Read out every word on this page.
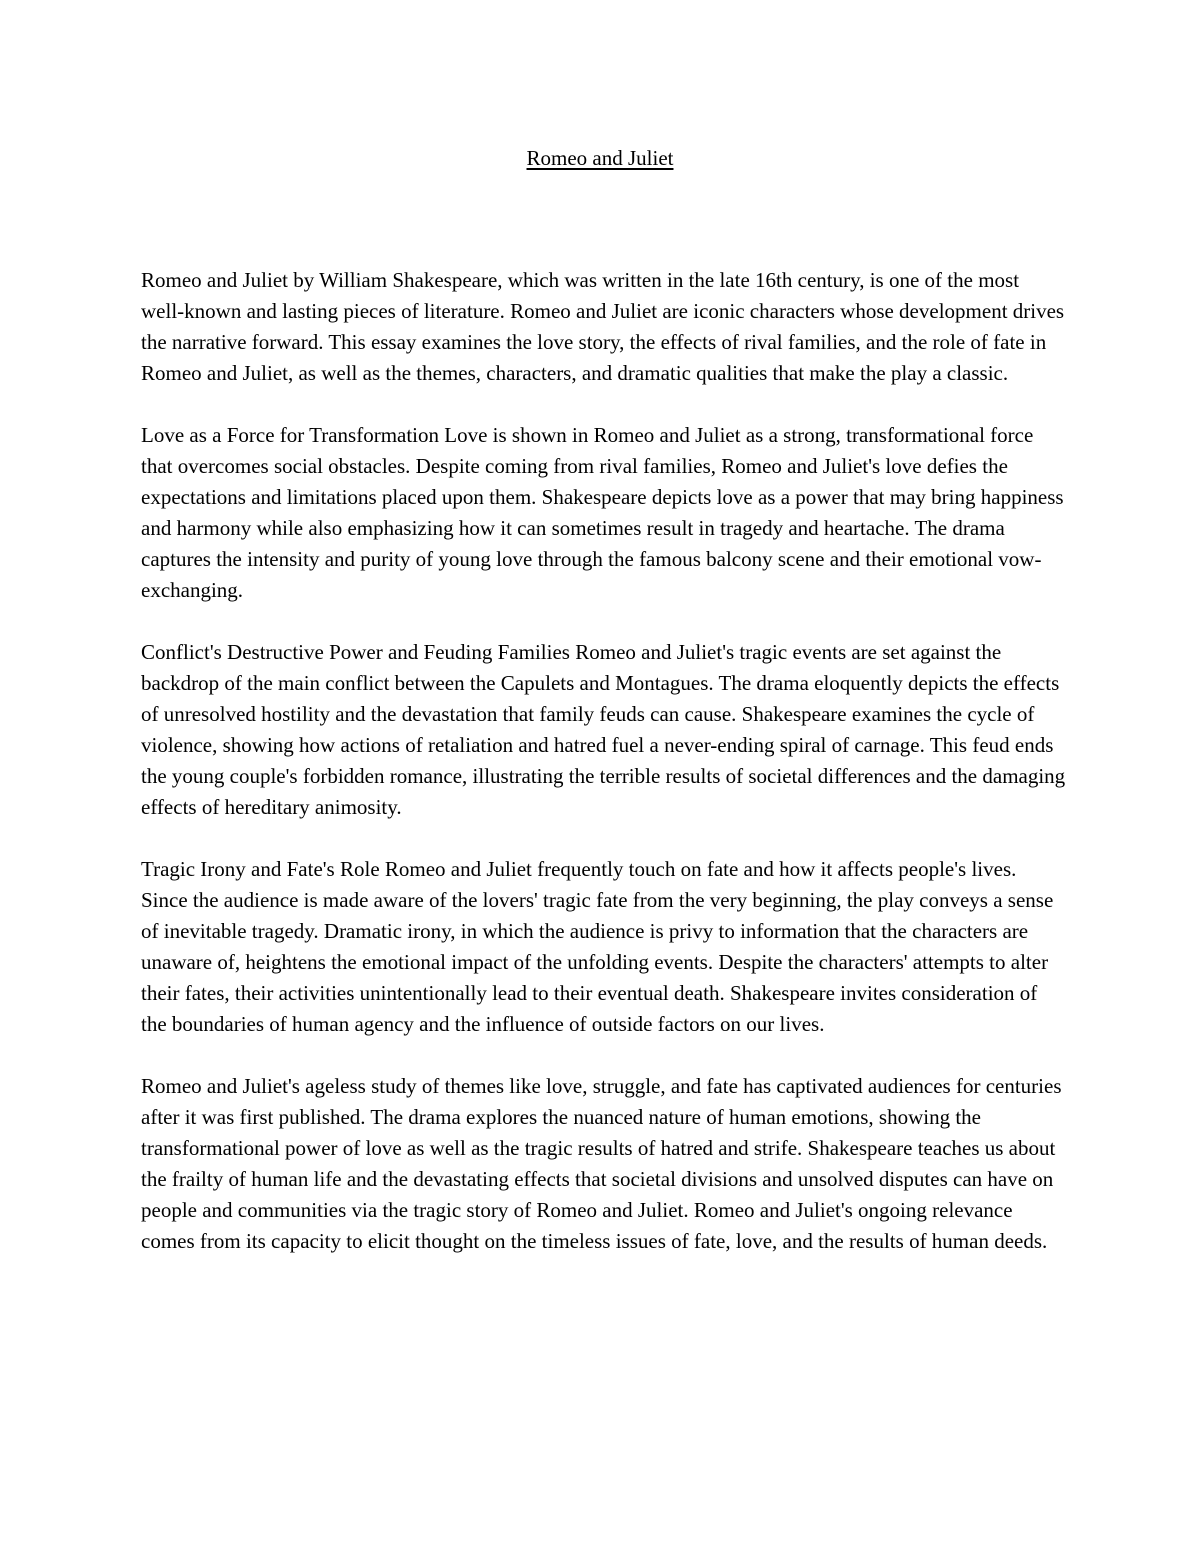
Romeo and Juliet

Romeo and Juliet by William Shakespeare, which was written in the late 16th century, is one of the most well-known and lasting pieces of literature. Romeo and Juliet are iconic characters whose development drives the narrative forward. This essay examines the love story, the effects of rival families, and the role of fate in Romeo and Juliet, as well as the themes, characters, and dramatic qualities that make the play a classic.

Love as a Force for Transformation Love is shown in Romeo and Juliet as a strong, transformational force that overcomes social obstacles. Despite coming from rival families, Romeo and Juliet's love defies the expectations and limitations placed upon them. Shakespeare depicts love as a power that may bring happiness and harmony while also emphasizing how it can sometimes result in tragedy and heartache. The drama captures the intensity and purity of young love through the famous balcony scene and their emotional vow-exchanging.

Conflict's Destructive Power and Feuding Families Romeo and Juliet's tragic events are set against the backdrop of the main conflict between the Capulets and Montagues. The drama eloquently depicts the effects of unresolved hostility and the devastation that family feuds can cause. Shakespeare examines the cycle of violence, showing how actions of retaliation and hatred fuel a never-ending spiral of carnage. This feud ends the young couple's forbidden romance, illustrating the terrible results of societal differences and the damaging effects of hereditary animosity.

Tragic Irony and Fate's Role Romeo and Juliet frequently touch on fate and how it affects people's lives. Since the audience is made aware of the lovers' tragic fate from the very beginning, the play conveys a sense of inevitable tragedy. Dramatic irony, in which the audience is privy to information that the characters are unaware of, heightens the emotional impact of the unfolding events. Despite the characters' attempts to alter their fates, their activities unintentionally lead to their eventual death. Shakespeare invites consideration of the boundaries of human agency and the influence of outside factors on our lives.

Romeo and Juliet's ageless study of themes like love, struggle, and fate has captivated audiences for centuries after it was first published. The drama explores the nuanced nature of human emotions, showing the transformational power of love as well as the tragic results of hatred and strife. Shakespeare teaches us about the frailty of human life and the devastating effects that societal divisions and unsolved disputes can have on people and communities via the tragic story of Romeo and Juliet. Romeo and Juliet's ongoing relevance comes from its capacity to elicit thought on the timeless issues of fate, love, and the results of human deeds.
